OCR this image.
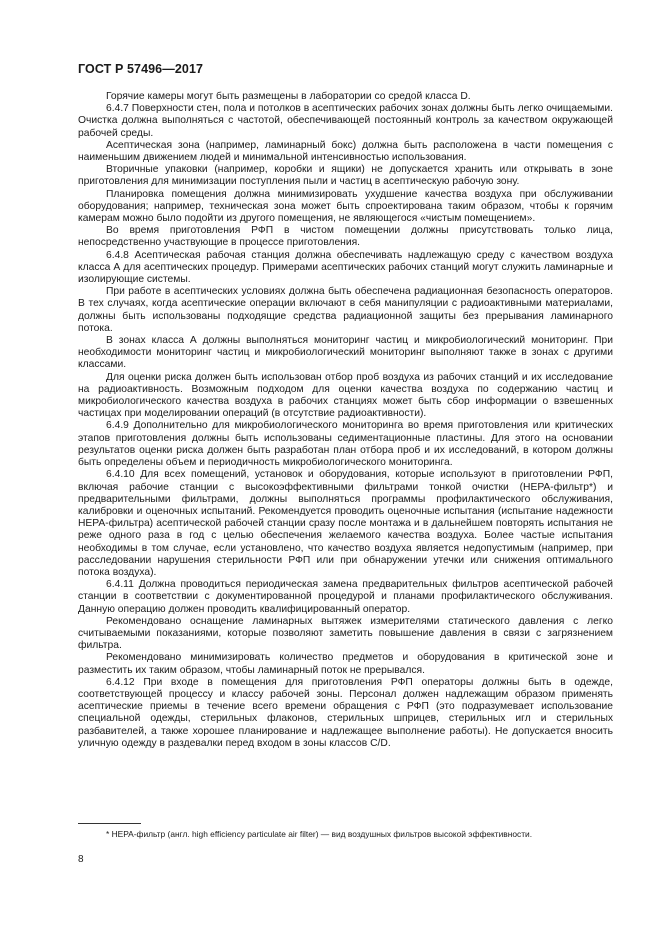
ГОСТ Р 57496—2017

Горячие камеры могут быть размещены в лаборатории со средой класса D.

6.4.7 Поверхности стен, пола и потолков в асептических рабочих зонах должны быть легко очищаемыми. Очистка должна выполняться с частотой, обеспечивающей постоянный контроль за качеством окружающей рабочей среды.

Асептическая зона (например, ламинарный бокс) должна быть расположена в части помещения с наименьшим движением людей и минимальной интенсивностью использования.

Вторичные упаковки (например, коробки и ящики) не допускается хранить или открывать в зоне приготовления для минимизации поступления пыли и частиц в асептическую рабочую зону.

Планировка помещения должна минимизировать ухудшение качества воздуха при обслуживании оборудования; например, техническая зона может быть спроектирована таким образом, чтобы к горячим камерам можно было подойти из другого помещения, не являющегося «чистым помещением».

Во время приготовления РФП в чистом помещении должны присутствовать только лица, непосредственно участвующие в процессе приготовления.

6.4.8 Асептическая рабочая станция должна обеспечивать надлежащую среду с качеством воздуха класса А для асептических процедур. Примерами асептических рабочих станций могут служить ламинарные и изолирующие системы.

При работе в асептических условиях должна быть обеспечена радиационная безопасность операторов. В тех случаях, когда асептические операции включают в себя манипуляции с радиоактивными материалами, должны быть использованы подходящие средства радиационной защиты без прерывания ламинарного потока.

В зонах класса А должны выполняться мониторинг частиц и микробиологический мониторинг. При необходимости мониторинг частиц и микробиологический мониторинг выполняют также в зонах с другими классами.

Для оценки риска должен быть использован отбор проб воздуха из рабочих станций и их исследование на радиоактивность. Возможным подходом для оценки качества воздуха по содержанию частиц и микробиологического качества воздуха в рабочих станциях может быть сбор информации о взвешенных частицах при моделировании операций (в отсутствие радиоактивности).

6.4.9 Дополнительно для микробиологического мониторинга во время приготовления или критических этапов приготовления должны быть использованы седиментационные пластины. Для этого на основании результатов оценки риска должен быть разработан план отбора проб и их исследований, в котором должны быть определены объем и периодичность микробиологического мониторинга.

6.4.10 Для всех помещений, установок и оборудования, которые используют в приготовлении РФП, включая рабочие станции с высокоэффективными фильтрами тонкой очистки (HEPA-фильтр*) и предварительными фильтрами, должны выполняться программы профилактического обслуживания, калибровки и оценочных испытаний. Рекомендуется проводить оценочные испытания (испытание надежности HEPA-фильтра) асептической рабочей станции сразу после монтажа и в дальнейшем повторять испытания не реже одного раза в год с целью обеспечения желаемого качества воздуха. Более частые испытания необходимы в том случае, если установлено, что качество воздуха является недопустимым (например, при расследовании нарушения стерильности РФП или при обнаружении утечки или снижения оптимального потока воздуха).

6.4.11 Должна проводиться периодическая замена предварительных фильтров асептической рабочей станции в соответствии с документированной процедурой и планами профилактического обслуживания. Данную операцию должен проводить квалифицированный оператор.

Рекомендовано оснащение ламинарных вытяжек измерителями статического давления с легко считываемыми показаниями, которые позволяют заметить повышение давления в связи с загрязнением фильтра.

Рекомендовано минимизировать количество предметов и оборудования в критической зоне и разместить их таким образом, чтобы ламинарный поток не прерывался.

6.4.12 При входе в помещения для приготовления РФП операторы должны быть в одежде, соответствующей процессу и классу рабочей зоны. Персонал должен надлежащим образом применять асептические приемы в течение всего времени обращения с РФП (это подразумевает использование специальной одежды, стерильных флаконов, стерильных шприцев, стерильных игл и стерильных разбавителей, а также хорошее планирование и надлежащее выполнение работы). Не допускается вносить уличную одежду в раздевалки перед входом в зоны классов C/D.

* HEPA-фильтр (англ. high efficiency particulate air filter) — вид воздушных фильтров высокой эффективности.
8
